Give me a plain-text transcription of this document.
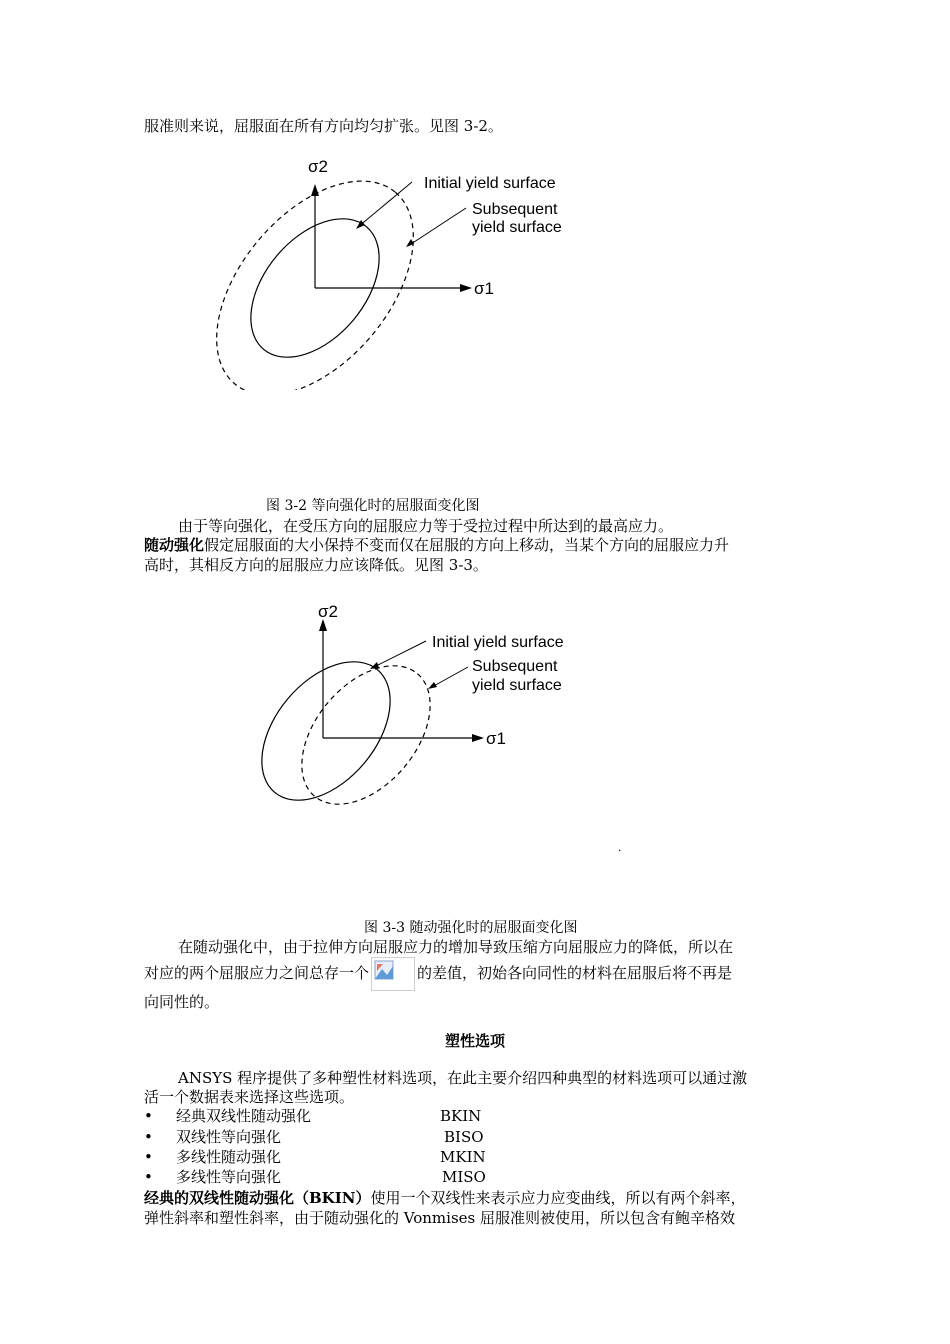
服准则来说，屈服面在所有方向均匀扩张。见图 3-2。
σ2
σ1
Initial yield surface
Subsequent
yield surface
图 3-2 等向强化时的屈服面变化图
由于等向强化，在受压方向的屈服应力等于受拉过程中所达到的最高应力。
随动强化假定屈服面的大小保持不变而仅在屈服的方向上移动，当某个方向的屈服应力升
高时，其相反方向的屈服应力应该降低。见图 3-3。
σ2
σ1
Initial yield surface
Subsequent
yield surface
.
图 3-3 随动强化时的屈服面变化图
在随动强化中，由于拉伸方向屈服应力的增加导致压缩方向屈服应力的降低，所以在
对应的两个屈服应力之间总存一个	的差值，初始各向同性的材料在屈服后将不再是
向同性的。
塑性选项
ANSYS 程序提供了多种塑性材料选项，在此主要介绍四种典型的材料选项可以通过激
活一个数据表来选择这些选项。
• 经典双线性随动强化	BKIN
• 双线性等向强化	BISO
• 多线性随动强化	MKIN
• 多线性等向强化	MISO
经典的双线性随动强化（BKIN）使用一个双线性来表示应力应变曲线，所以有两个斜率，
弹性斜率和塑性斜率，由于随动强化的 Vonmises 屈服准则被使用，所以包含有鲍辛格效
